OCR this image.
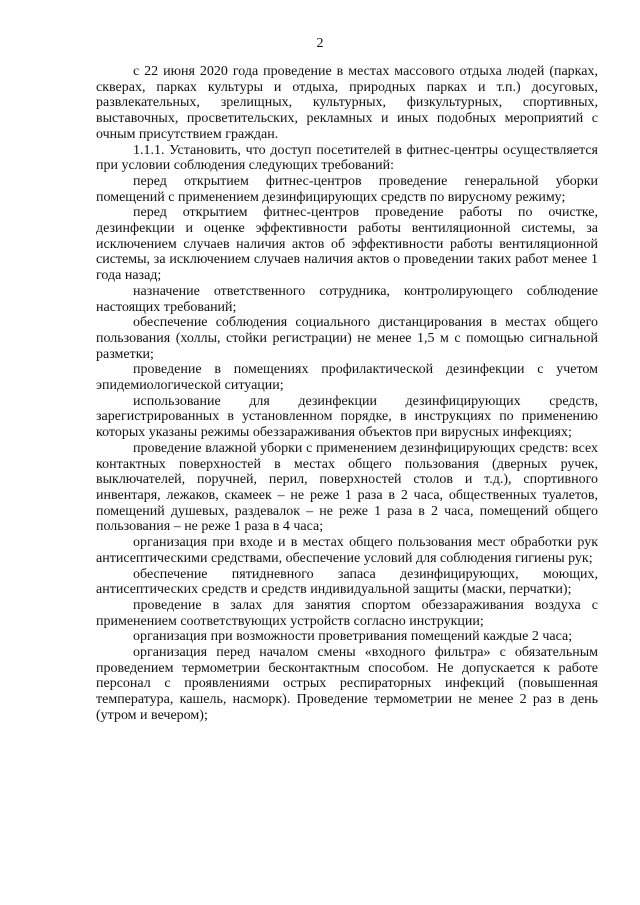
2

с 22 июня 2020 года проведение в местах массового отдыха людей (парках, скверах, парках культуры и отдыха, природных парках и т.п.) досуговых, развлекательных, зрелищных, культурных, физкультурных, спортивных, выставочных, просветительских, рекламных и иных подобных мероприятий с очным присутствием граждан.

1.1.1. Установить, что доступ посетителей в фитнес-центры осуществляется при условии соблюдения следующих требований:

перед открытием фитнес-центров проведение генеральной уборки помещений с применением дезинфицирующих средств по вирусному режиму;

перед открытием фитнес-центров проведение работы по очистке, дезинфекции и оценке эффективности работы вентиляционной системы, за исключением случаев наличия актов об эффективности работы вентиляционной системы, за исключением случаев наличия актов о проведении таких работ менее 1 года назад;

назначение ответственного сотрудника, контролирующего соблюдение настоящих требований;

обеспечение соблюдения социального дистанцирования в местах общего пользования (холлы, стойки регистрации) не менее 1,5 м с помощью сигнальной разметки;

проведение в помещениях профилактической дезинфекции с учетом эпидемиологической ситуации;

использование для дезинфекции дезинфицирующих средств, зарегистрированных в установленном порядке, в инструкциях по применению которых указаны режимы обеззараживания объектов при вирусных инфекциях;

проведение влажной уборки с применением дезинфицирующих средств: всех контактных поверхностей в местах общего пользования (дверных ручек, выключателей, поручней, перил, поверхностей столов и т.д.), спортивного инвентаря, лежаков, скамеек – не реже 1 раза в 2 часа, общественных туалетов, помещений душевых, раздевалок – не реже 1 раза в 2 часа, помещений общего пользования – не реже 1 раза в 4 часа;

организация при входе и в местах общего пользования мест обработки рук антисептическими средствами, обеспечение условий для соблюдения гигиены рук;

обеспечение пятидневного запаса дезинфицирующих, моющих, антисептических средств и средств индивидуальной защиты (маски, перчатки);

проведение в залах для занятия спортом обеззараживания воздуха с применением соответствующих устройств согласно инструкции;

организация при возможности проветривания помещений каждые 2 часа;

организация перед началом смены «входного фильтра» с обязательным проведением термометрии бесконтактным способом. Не допускается к работе персонал с проявлениями острых респираторных инфекций (повышенная температура, кашель, насморк). Проведение термометрии не менее 2 раз в день (утром и вечером);
